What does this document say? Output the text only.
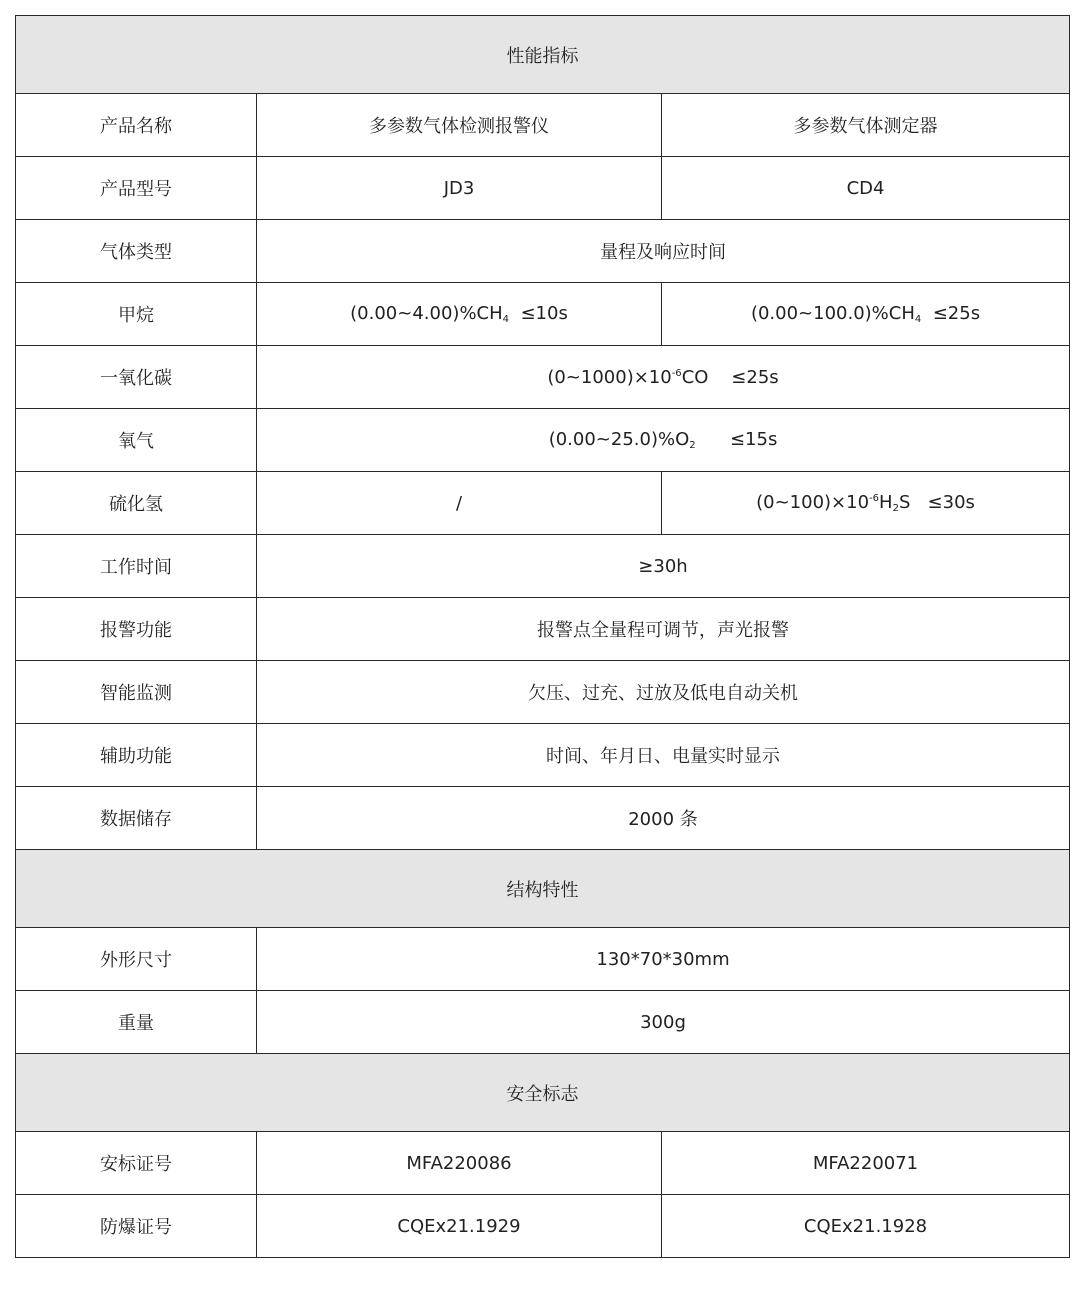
性能指标		
产品名称	多参数气体检测报警仪	多参数气体测定器
产品型号	JD3	CD4
气体类型	量程及响应时间	
甲烷	$(0.00\sim 4.00)\%CH_4 \le 10s$	$(0.00\sim 100.0)\%CH_4 \le 25s$
一氧化碳	$(0\sim 1000)\times 10^{-6}CO$    ≤25s	
氧气	$(0.00\sim 25.0)\%O_2$      ≤15s	
硫化氢	/	$(0\sim 100)\times 10^{-6}H_2S \le 30s$
工作时间	≥30h	
报警功能	报警点全量程可调节，声光报警	
智能监测	欠压、过充、过放及低电自动关机	
辅助功能	时间、年月日、电量实时显示	
数据储存	2000 条	
结构特性		
外形尺寸	130*70*30mm	
重量	300g	
安全标志		
安标证号	MFA220086	MFA220071
防爆证号	CQEx21.1929	CQEx21.1928
